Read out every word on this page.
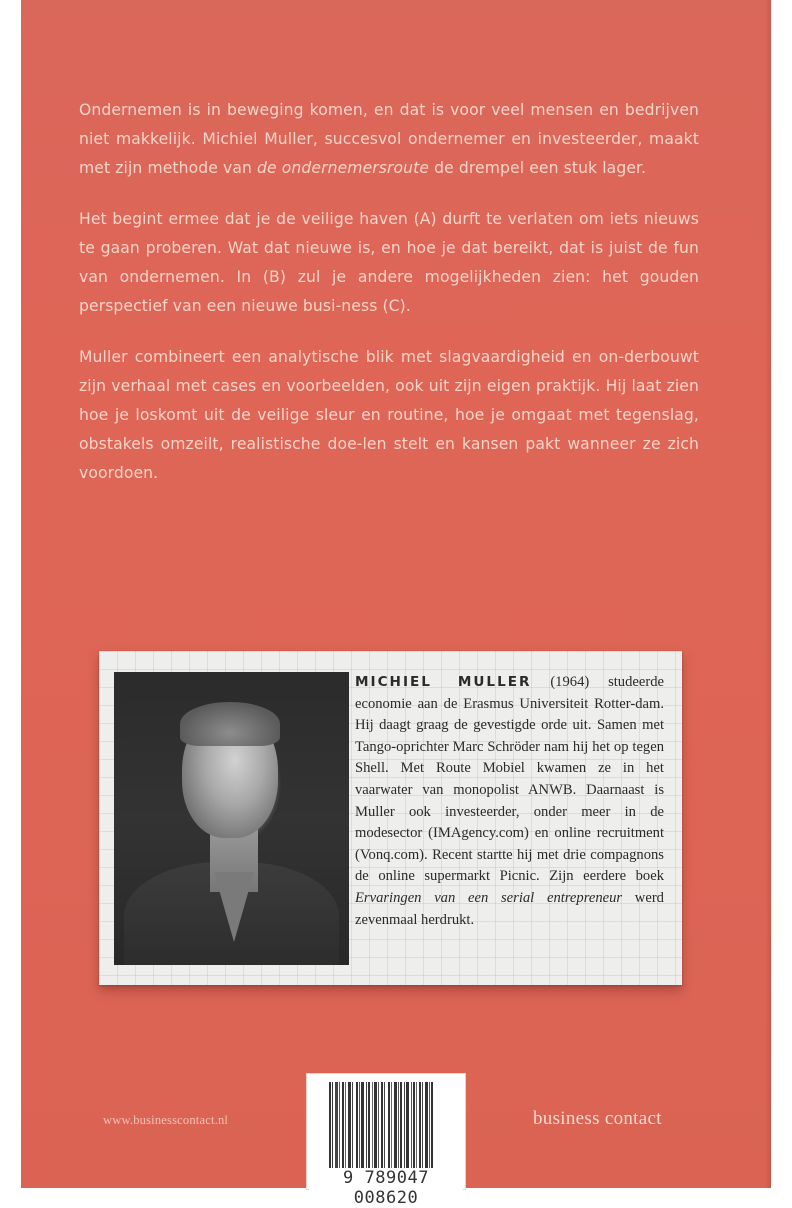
Ondernemen is in beweging komen, en dat is voor veel mensen en bedrijven niet makkelijk. Michiel Muller, succesvol ondernemer en investeerder, maakt met zijn methode van de ondernemersroute de drempel een stuk lager.

Het begint ermee dat je de veilige haven (A) durft te verlaten om iets nieuws te gaan proberen. Wat dat nieuwe is, en hoe je dat bereikt, dat is juist de fun van ondernemen. In (B) zul je andere mogelijkheden zien: het gouden perspectief van een nieuwe busi-ness (C).

Muller combineert een analytische blik met slagvaardigheid en on-derbouwt zijn verhaal met cases en voorbeelden, ook uit zijn eigen praktijk. Hij laat zien hoe je loskomt uit de veilige sleur en routine, hoe je omgaat met tegenslag, obstakels omzeilt, realistische doe-len stelt en kansen pakt wanneer ze zich voordoen.

MICHIEL MULLER (1964) studeerde economie aan de Erasmus Universiteit Rotter-dam. Hij daagt graag de gevestigde orde uit. Samen met Tango-oprichter Marc Schröder nam hij het op tegen Shell. Met Route Mobiel kwamen ze in het vaarwater van monopolist ANWB. Daarnaast is Muller ook investeerder, onder meer in de modesector (IMAgency.com) en online recruitment (Vonq.com). Recent startte hij met drie compagnons de online supermarkt Picnic. Zijn eerdere boek Ervaringen van een serial entrepreneur werd zevenmaal herdrukt.
www.businesscontact.nl
9 789047 008620
business contact
